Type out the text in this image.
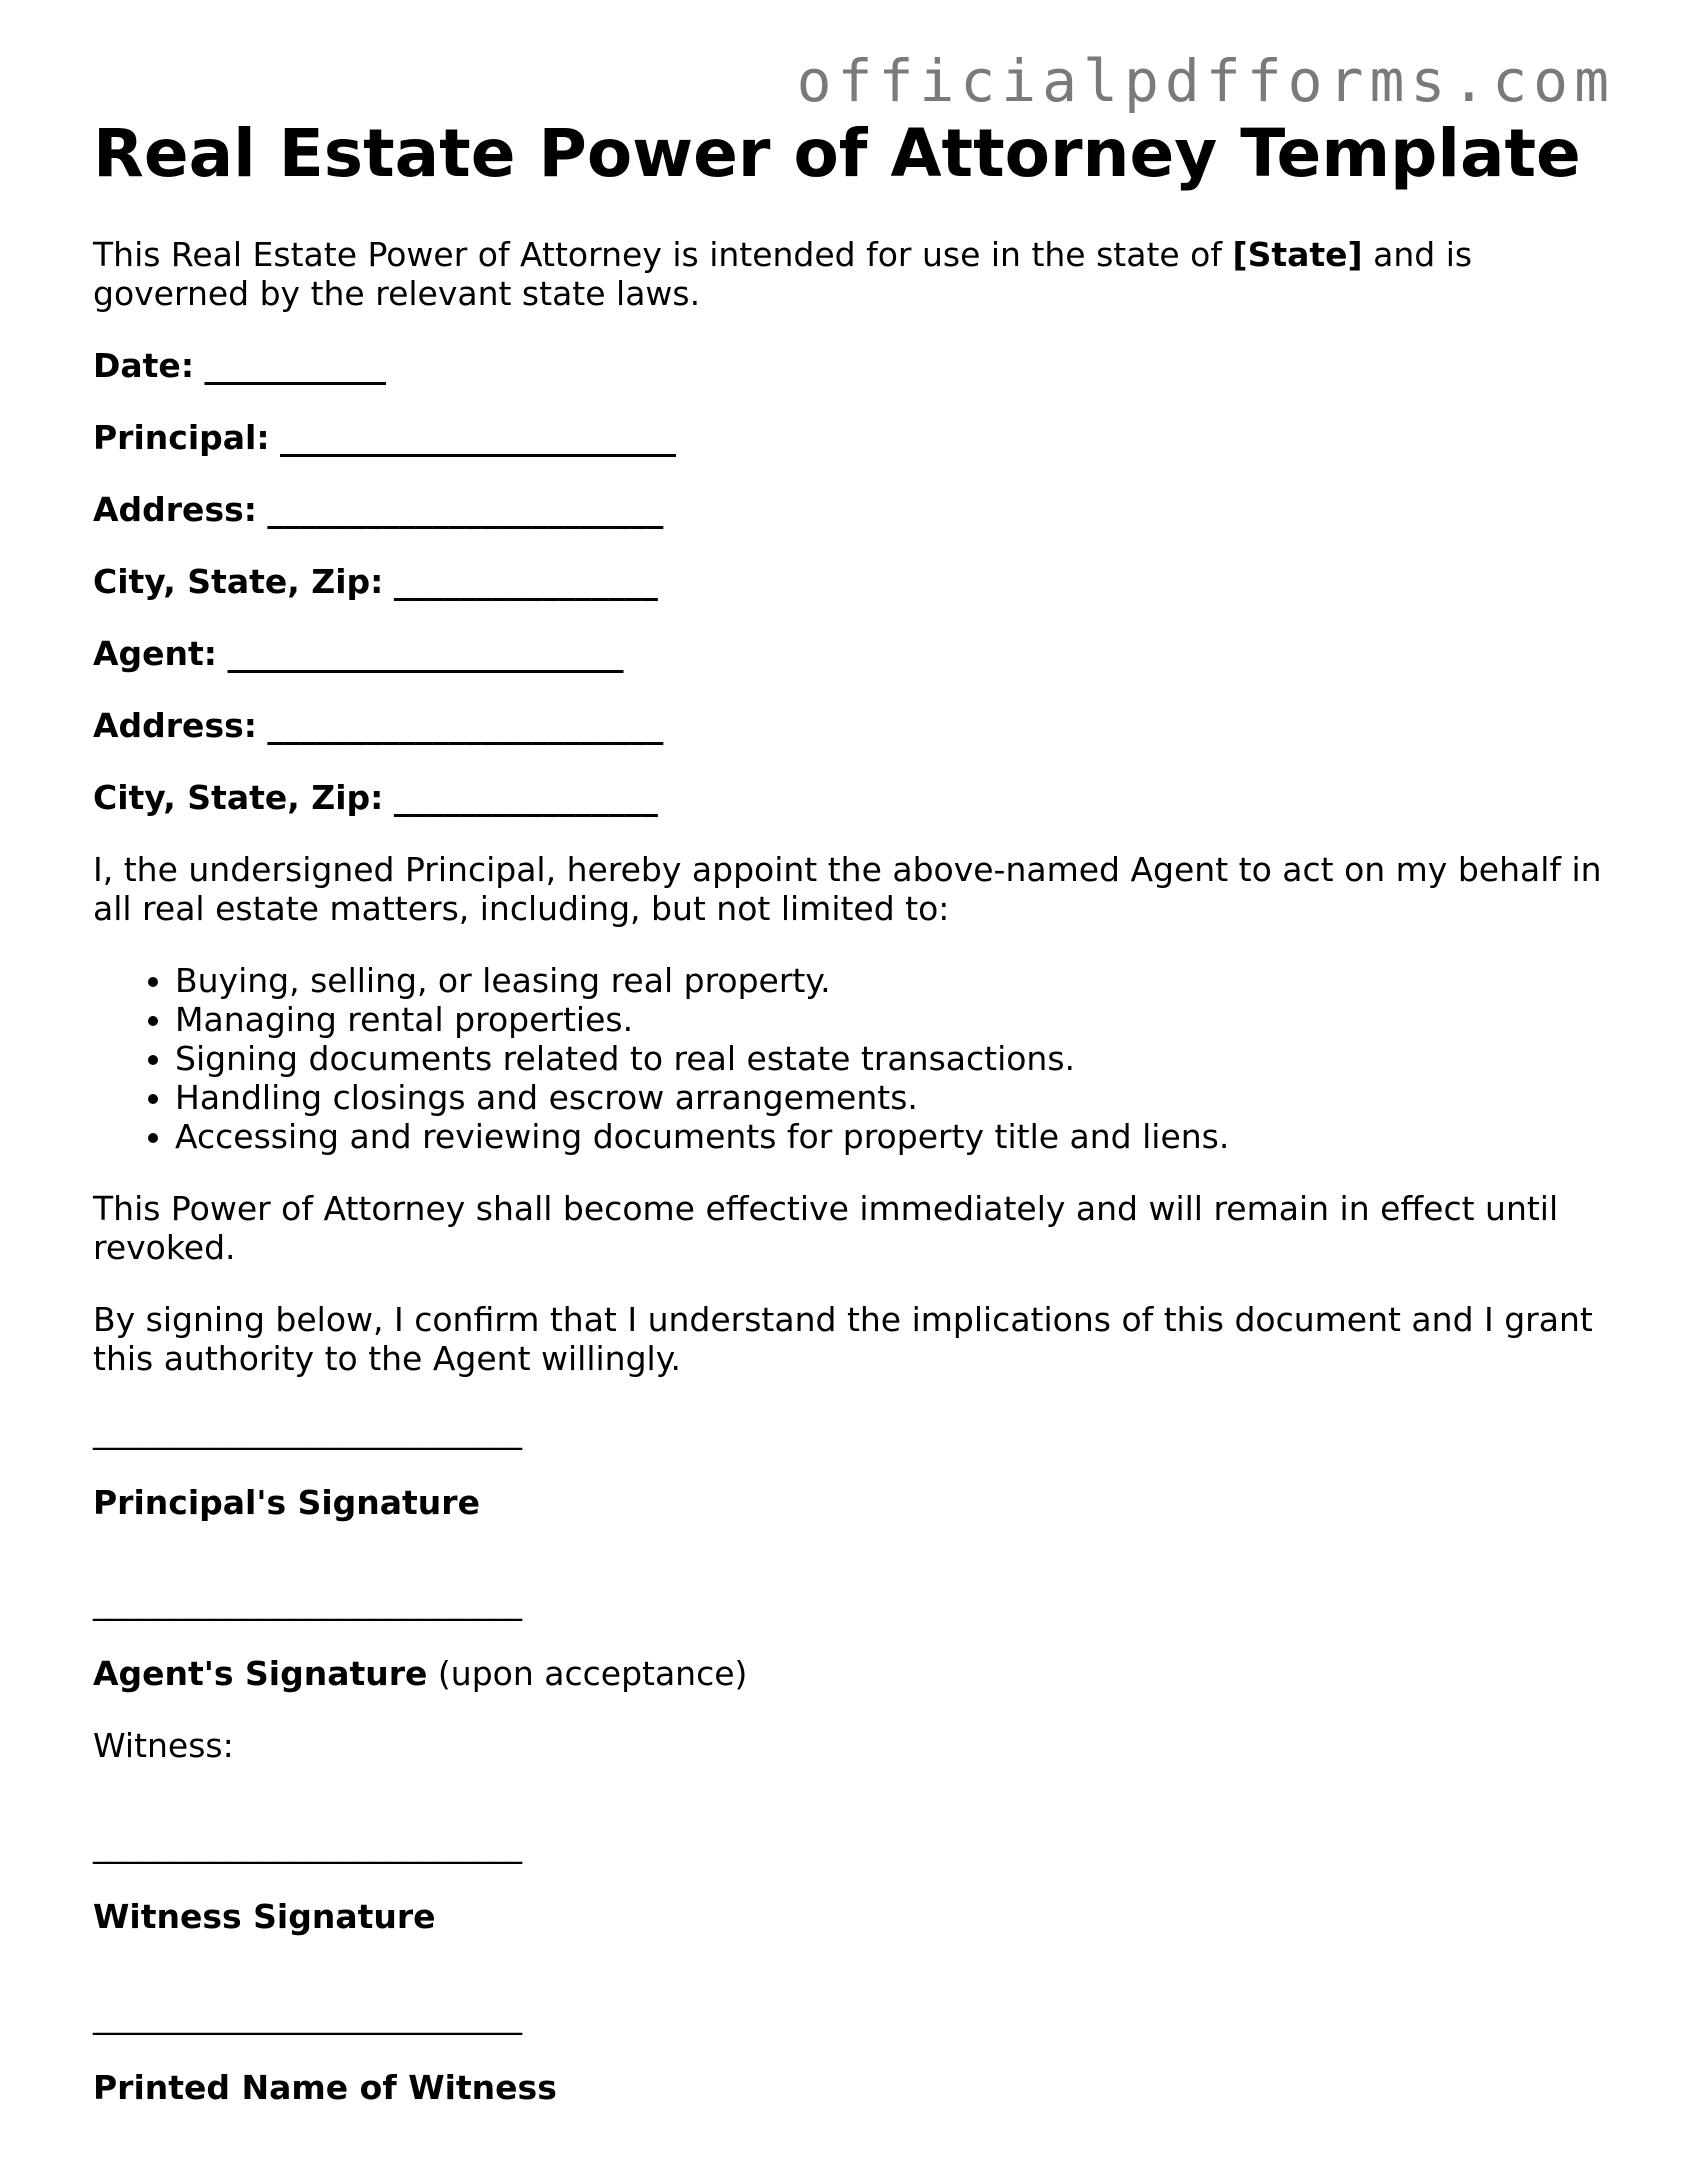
officialpdfforms.com
Real Estate Power of Attorney Template

This Real Estate Power of Attorney is intended for use in the state of [State] and is governed by the relevant state laws.

Date: ___________
Principal: ________________________
Address: ________________________
City, State, Zip: ________________
Agent: ________________________
Address: ________________________
City, State, Zip: ________________

I, the undersigned Principal, hereby appoint the above-named Agent to act on my behalf in all real estate matters, including, but not limited to:

• Buying, selling, or leasing real property.
• Managing rental properties.
• Signing documents related to real estate transactions.
• Handling closings and escrow arrangements.
• Accessing and reviewing documents for property title and liens.

This Power of Attorney shall become effective immediately and will remain in effect until revoked.

By signing below, I confirm that I understand the implications of this document and I grant this authority to the Agent willingly.

__________________________
Principal's Signature
__________________________
Agent's Signature (upon acceptance)
Witness:
__________________________
Witness Signature
__________________________
Printed Name of Witness
